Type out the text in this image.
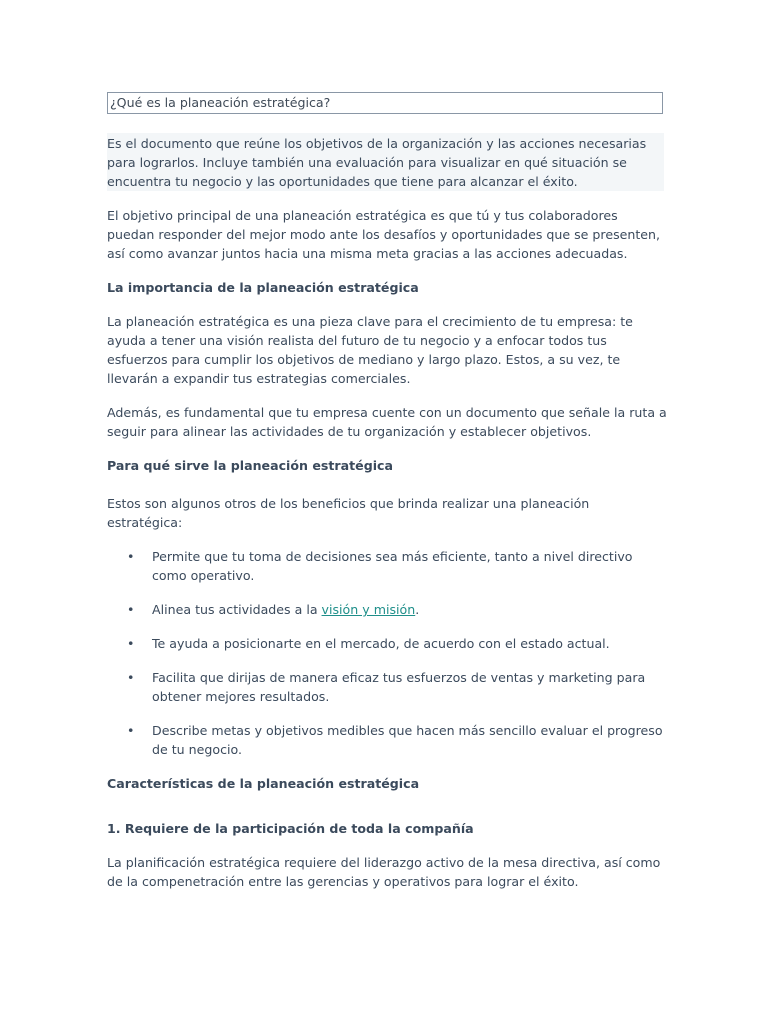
¿Qué es la planeación estratégica?

Es el documento que reúne los objetivos de la organización y las acciones necesarias para lograrlos. Incluye también una evaluación para visualizar en qué situación se encuentra tu negocio y las oportunidades que tiene para alcanzar el éxito.

El objetivo principal de una planeación estratégica es que tú y tus colaboradores puedan responder del mejor modo ante los desafíos y oportunidades que se presenten, así como avanzar juntos hacia una misma meta gracias a las acciones adecuadas.

La importancia de la planeación estratégica

La planeación estratégica es una pieza clave para el crecimiento de tu empresa: te ayuda a tener una visión realista del futuro de tu negocio y a enfocar todos tus esfuerzos para cumplir los objetivos de mediano y largo plazo. Estos, a su vez, te llevarán a expandir tus estrategias comerciales.

Además, es fundamental que tu empresa cuente con un documento que señale la ruta a seguir para alinear las actividades de tu organización y establecer objetivos.

Para qué sirve la planeación estratégica

Estos son algunos otros de los beneficios que brinda realizar una planeación estratégica:

• Permite que tu toma de decisiones sea más eficiente, tanto a nivel directivo como operativo.
• Alinea tus actividades a la visión y misión.
• Te ayuda a posicionarte en el mercado, de acuerdo con el estado actual.
• Facilita que dirijas de manera eficaz tus esfuerzos de ventas y marketing para obtener mejores resultados.
• Describe metas y objetivos medibles que hacen más sencillo evaluar el progreso de tu negocio.

Características de la planeación estratégica

1. Requiere de la participación de toda la compañía

La planificación estratégica requiere del liderazgo activo de la mesa directiva, así como de la compenetración entre las gerencias y operativos para lograr el éxito.
